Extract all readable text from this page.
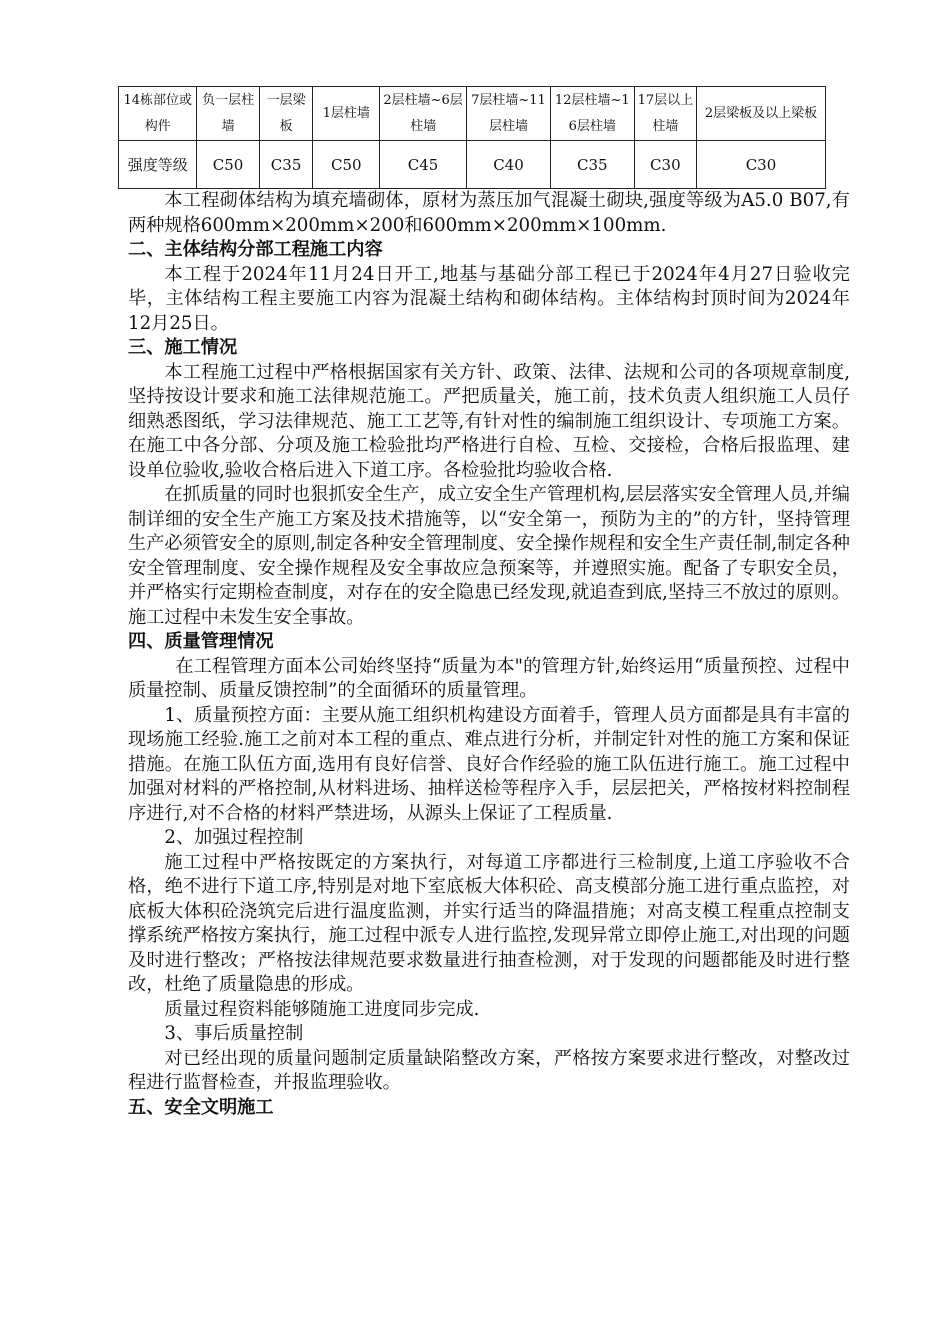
14栋部位或构件	负一层柱墙	一层梁板	1层柱墙	2层柱墙~6层柱墙	7层柱墙~11层柱墙	12层柱墙~16层柱墙	17层以上柱墙	2层梁板及以上梁板
强度等级	C50	C35	C50	C45	C40	C35	C30	C30

本工程砌体结构为填充墙砌体，原材为蒸压加气混凝土砌块,强度等级为A5.0 B07,有两种规格600mm×200mm×200和600mm×200mm×100mm.

二、主体结构分部工程施工内容

本工程于2024年11月24日开工,地基与基础分部工程已于2024年4月27日验收完毕，主体结构工程主要施工内容为混凝土结构和砌体结构。主体结构封顶时间为2024年12月25日。

三、施工情况

本工程施工过程中严格根据国家有关方针、政策、法律、法规和公司的各项规章制度,坚持按设计要求和施工法律规范施工。严把质量关，施工前，技术负责人组织施工人员仔细熟悉图纸，学习法律规范、施工工艺等,有针对性的编制施工组织设计、专项施工方案。在施工中各分部、分项及施工检验批均严格进行自检、互检、交接检，合格后报监理、建设单位验收,验收合格后进入下道工序。各检验批均验收合格.

在抓质量的同时也狠抓安全生产，成立安全生产管理机构,层层落实安全管理人员,并编制详细的安全生产施工方案及技术措施等，以“安全第一，预防为主的”的方针，坚持管理生产必须管安全的原则,制定各种安全管理制度、安全操作规程和安全生产责任制,制定各种安全管理制度、安全操作规程及安全事故应急预案等，并遵照实施。配备了专职安全员，并严格实行定期检查制度，对存在的安全隐患已经发现,就追查到底,坚持三不放过的原则。施工过程中未发生安全事故。

四、质量管理情况

在工程管理方面本公司始终坚持“质量为本"的管理方针,始终运用“质量预控、过程中质量控制、质量反馈控制”的全面循环的质量管理。

1、质量预控方面：主要从施工组织机构建设方面着手，管理人员方面都是具有丰富的现场施工经验.施工之前对本工程的重点、难点进行分析，并制定针对性的施工方案和保证措施。在施工队伍方面,选用有良好信誉、良好合作经验的施工队伍进行施工。施工过程中加强对材料的严格控制,从材料进场、抽样送检等程序入手，层层把关，严格按材料控制程序进行,对不合格的材料严禁进场，从源头上保证了工程质量.

2、加强过程控制

施工过程中严格按既定的方案执行，对每道工序都进行三检制度,上道工序验收不合格，绝不进行下道工序,特别是对地下室底板大体积砼、高支模部分施工进行重点监控，对底板大体积砼浇筑完后进行温度监测，并实行适当的降温措施；对高支模工程重点控制支撑系统严格按方案执行，施工过程中派专人进行监控,发现异常立即停止施工,对出现的问题及时进行整改；严格按法律规范要求数量进行抽查检测，对于发现的问题都能及时进行整改，杜绝了质量隐患的形成。

质量过程资料能够随施工进度同步完成.

3、事后质量控制

对已经出现的质量问题制定质量缺陷整改方案，严格按方案要求进行整改，对整改过程进行监督检查，并报监理验收。

五、安全文明施工
